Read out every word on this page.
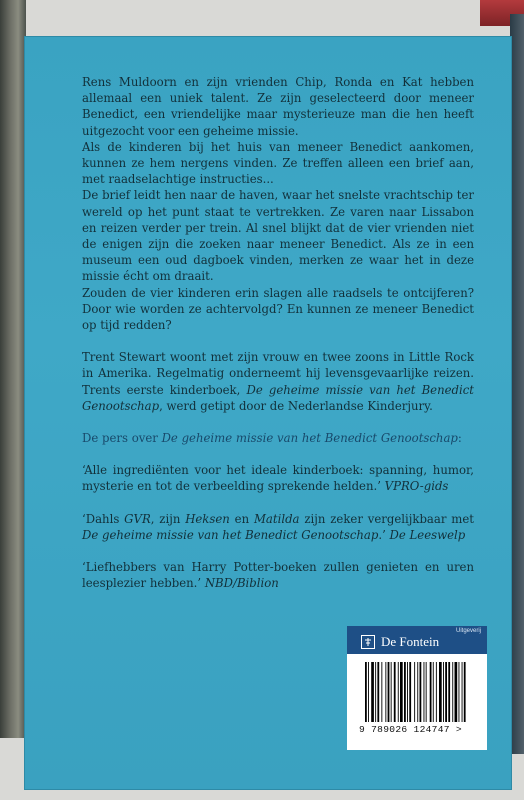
Rens Muldoorn en zijn vrienden Chip, Ronda en Kat hebben allemaal een uniek talent. Ze zijn geselecteerd door meneer Benedict, een vriendelijke maar mysterieuze man die hen heeft uitgezocht voor een geheime missie.

Als de kinderen bij het huis van meneer Benedict aankomen, kunnen ze hem nergens vinden. Ze treffen alleen een brief aan, met raadselachtige instructies...

De brief leidt hen naar de haven, waar het snelste vrachtschip ter wereld op het punt staat te vertrekken. Ze varen naar Lissabon en reizen verder per trein. Al snel blijkt dat de vier vrienden niet de enigen zijn die zoeken naar meneer Benedict. Als ze in een museum een oud dagboek vinden, merken ze waar het in deze missie écht om draait.

Zouden de vier kinderen erin slagen alle raadsels te ontcijferen? Door wie worden ze achtervolgd? En kunnen ze meneer Benedict op tijd redden?

Trent Stewart woont met zijn vrouw en twee zoons in Little Rock in Amerika. Regelmatig onderneemt hij levensgevaarlijke reizen. Trents eerste kinderboek, De geheime missie van het Benedict Genootschap, werd getipt door de Nederlandse Kinderjury.

De pers over De geheime missie van het Benedict Genootschap:

‘Alle ingrediënten voor het ideale kinderboek: spanning, humor, mysterie en tot de verbeelding sprekende helden.’ VPRO-gids

‘Dahls GVR, zijn Heksen en Matilda zijn zeker vergelijkbaar met De geheime missie van het Benedict Genootschap.’ De Leeswelp

‘Liefhebbers van Harry Potter-boeken zullen genieten en uren leesplezier hebben.’ NBD/Biblion

Uitgeverij
De Fontein
9 789026 124747 >
